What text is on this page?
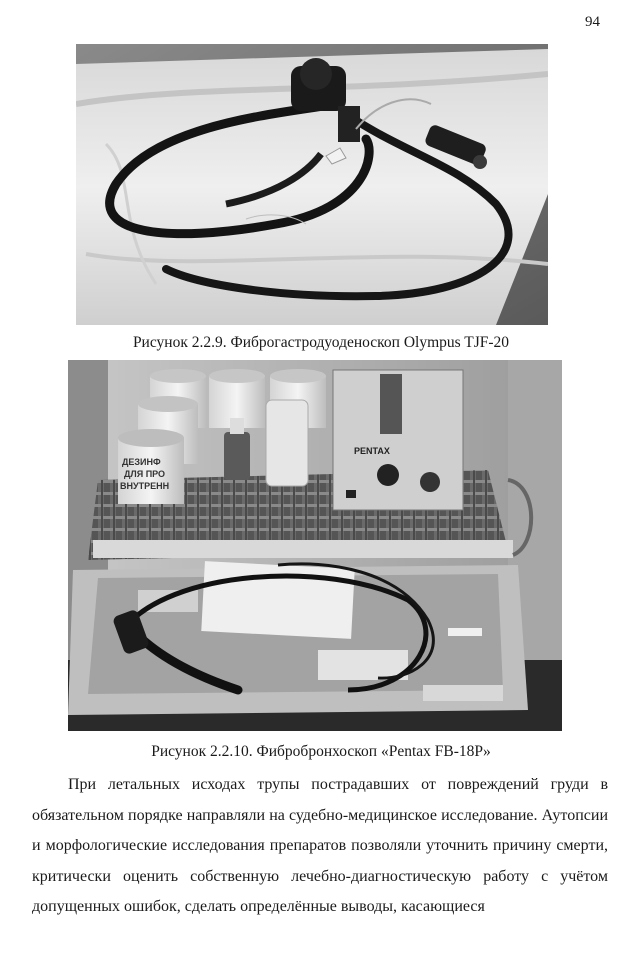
94
Рисунок 2.2.9. Фиброгастродуоденоскоп Olympus TJF-20
ДЕЗИНФ
ДЛЯ ПРО
ВНУТРЕНН
PENTAX
Рисунок 2.2.10. Фибробронхоскоп «Pentax FB-18P»

При летальных исходах трупы пострадавших от повреждений груди в обязательном порядке направляли на судебно-медицинское исследование. Аутопсии и морфологические исследования препаратов позволяли уточнить причину смерти, критически оценить собственную лечебно-диагностическую работу с учётом допущенных ошибок, сделать определённые выводы, касающиеся
